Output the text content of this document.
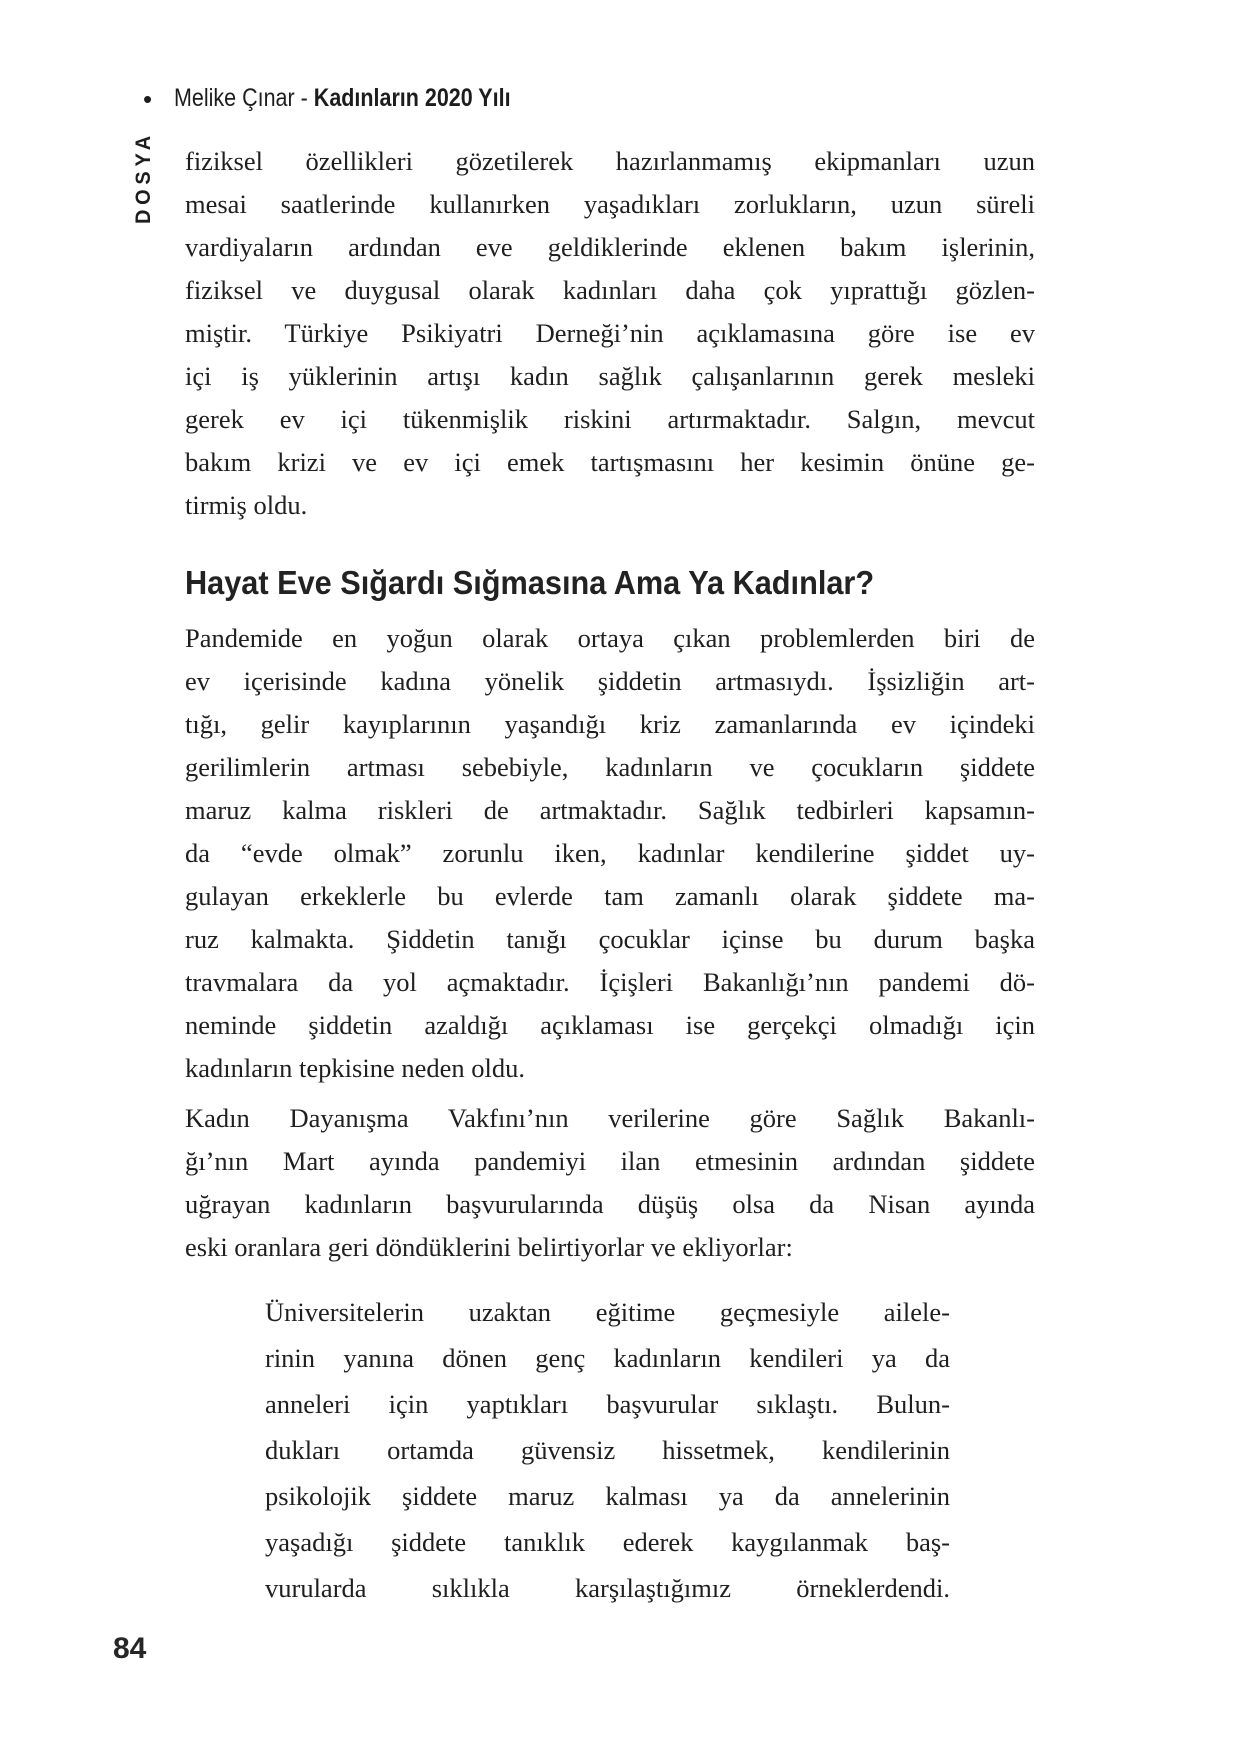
• Melike Çınar - Kadınların 2020 Yılı
DOSYA fiziksel özellikleri gözetilerek hazırlanmamış ekipmanları uzun
mesai saatlerinde kullanırken yaşadıkları zorlukların, uzun süreli
vardiyaların ardından eve geldiklerinde eklenen bakım işlerinin,
fiziksel ve duygusal olarak kadınları daha çok yıprattığı gözlen-
miştir. Türkiye Psikiyatri Derneği’nin açıklamasına göre ise ev
içi iş yüklerinin artışı kadın sağlık çalışanlarının gerek mesleki
gerek ev içi tükenmişlik riskini artırmaktadır. Salgın, mevcut
bakım krizi ve ev içi emek tartışmasını her kesimin önüne ge-
tirmiş oldu.
Hayat Eve Sığardı Sığmasına Ama Ya Kadınlar?
Pandemide en yoğun olarak ortaya çıkan problemlerden biri de
ev içerisinde kadına yönelik şiddetin artmasıydı. İşsizliğin art-
tığı, gelir kayıplarının yaşandığı kriz zamanlarında ev içindeki
gerilimlerin artması sebebiyle, kadınların ve çocukların şiddete
maruz kalma riskleri de artmaktadır. Sağlık tedbirleri kapsamın-
da “evde olmak” zorunlu iken, kadınlar kendilerine şiddet uy-
gulayan erkeklerle bu evlerde tam zamanlı olarak şiddete ma-
ruz kalmakta. Şiddetin tanığı çocuklar içinse bu durum başka
travmalara da yol açmaktadır. İçişleri Bakanlığı’nın pandemi dö-
neminde şiddetin azaldığı açıklaması ise gerçekçi olmadığı için
kadınların tepkisine neden oldu.
Kadın Dayanışma Vakfını’nın verilerine göre Sağlık Bakanlı-
ğı’nın Mart ayında pandemiyi ilan etmesinin ardından şiddete
uğrayan kadınların başvurularında düşüş olsa da Nisan ayında
eski oranlara geri döndüklerini belirtiyorlar ve ekliyorlar:
Üniversitelerin uzaktan eğitime geçmesiyle ailele-
rinin yanına dönen genç kadınların kendileri ya da
anneleri için yaptıkları başvurular sıklaştı. Bulun-
dukları ortamda güvensiz hissetmek, kendilerinin
psikolojik şiddete maruz kalması ya da annelerinin
yaşadığı şiddete tanıklık ederek kaygılanmak baş-
vurularda sıklıkla karşılaştığımız örneklerdendi.
84
